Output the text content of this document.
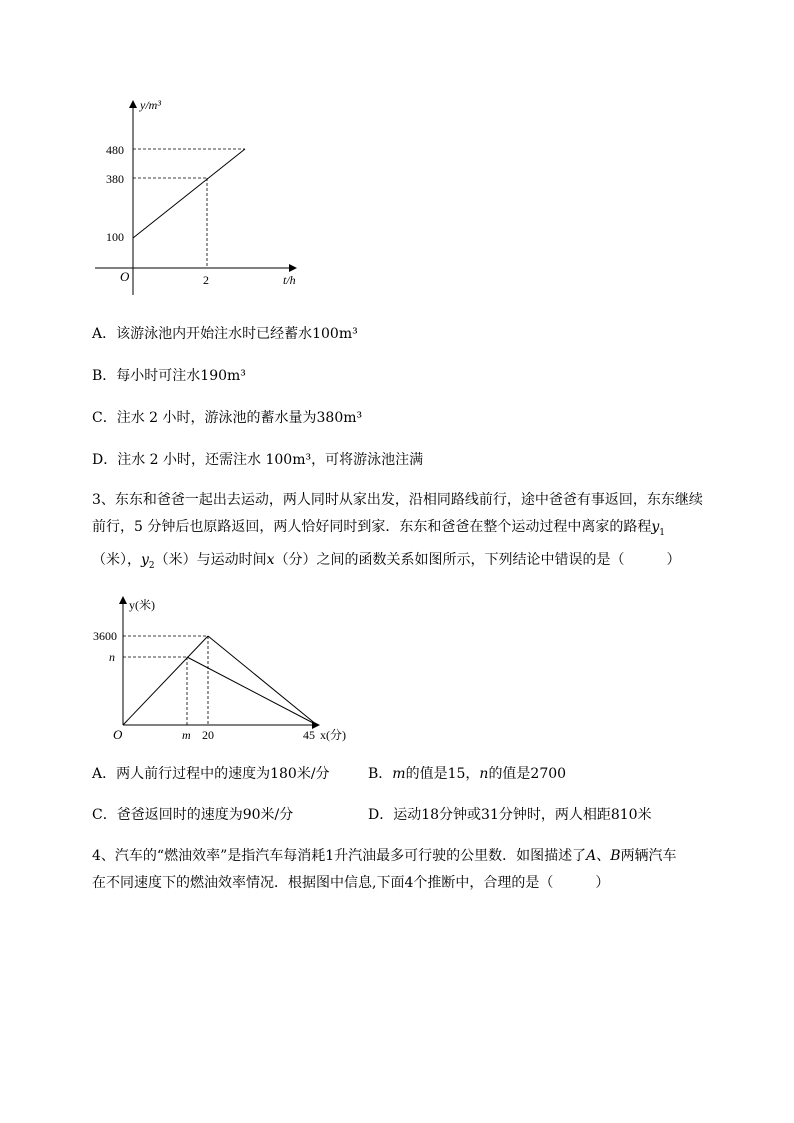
y/m³
480
380
100
O	2	t/h
A．该游泳池内开始注水时已经蓄水100m³
B．每小时可注水190m³
C．注水 2 小时，游泳池的蓄水量为380m³
D．注水 2 小时，还需注水 100m³，可将游泳池注满
3、东东和爸爸一起出去运动，两人同时从家出发，沿相同路线前行，途中爸爸有事返回，东东继续
前行，5 分钟后也原路返回，两人恰好同时到家．东东和爸爸在整个运动过程中离家的路程$y_1$
（米），$y_2$（米）与运动时间x（分）之间的函数关系如图所示，下列结论中错误的是（　　　）
y(米)
3600
n
O	m 20	45 x(分)
A．两人前行过程中的速度为180米/分	B．m的值是15，n的值是2700
C．爸爸返回时的速度为90米/分	D．运动18分钟或31分钟时，两人相距810米
4、汽车的“燃油效率”是指汽车每消耗1升汽油最多可行驶的公里数．如图描述了A、B两辆汽车
在不同速度下的燃油效率情况．根据图中信息,下面4个推断中，合理的是（　　　）
